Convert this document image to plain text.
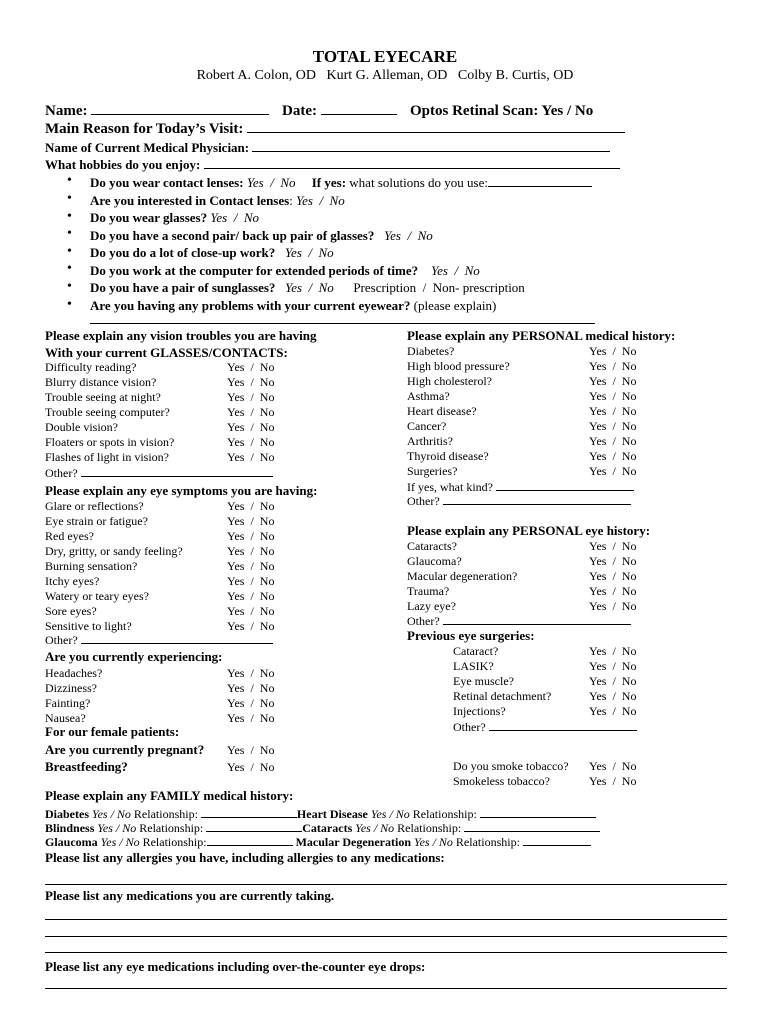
TOTAL EYECARE
Robert A. Colon, OD   Kurt G. Alleman, OD   Colby B. Curtis, OD
Name:	Date:	Optos Retinal Scan: Yes / No
Main Reason for Today’s Visit:
Name of Current Medical Physician:
What hobbies do you enjoy:
• Do you wear contact lenses: Yes  /  No If yes: what solutions do you use:
• Are you interested in Contact lenses: Yes  /  No
• Do you wear glasses? Yes  /  No
• Do you have a second pair/ back up pair of glasses? Yes  /  No
• Do you do a lot of close-up work? Yes  /  No
• Do you work at the computer for extended periods of time? Yes  /  No
• Do you have a pair of sunglasses? Yes  /  No Prescription  /  Non- prescription
• Are you having any problems with your current eyewear? (please explain)
Please explain any vision troubles you are having
With your current GLASSES/CONTACTS:
Difficulty reading?	Yes  /  No
Blurry distance vision?	Yes  /  No
Trouble seeing at night?	Yes  /  No
Trouble seeing computer?	Yes  /  No
Double vision?	Yes  /  No
Floaters or spots in vision?	Yes  /  No
Flashes of light in vision?	Yes  /  No
Other?
Please explain any eye symptoms you are having:
Glare or reflections?	Yes  /  No
Eye strain or fatigue?	Yes  /  No
Red eyes?	Yes  /  No
Dry, gritty, or sandy feeling?	Yes  /  No
Burning sensation?	Yes  /  No
Itchy eyes?	Yes  /  No
Watery or teary eyes?	Yes  /  No
Sore eyes?	Yes  /  No
Sensitive to light?	Yes  /  No
Other?
Are you currently experiencing:
Headaches?	Yes  /  No
Dizziness?	Yes  /  No
Fainting?	Yes  /  No
Nausea?	Yes  /  No
For our female patients:
Are you currently pregnant? Yes  /  No
Breastfeeding?	Yes  /  No
Please explain any PERSONAL medical history:
Diabetes?	Yes  /  No
High blood pressure?	Yes  /  No
High cholesterol?	Yes  /  No
Asthma?	Yes  /  No
Heart disease?	Yes  /  No
Cancer?	Yes  /  No
Arthritis?	Yes  /  No
Thyroid disease?	Yes  /  No
Surgeries?	Yes  /  No
If yes, what kind?
Other?
Please explain any PERSONAL eye history:
Cataracts?	Yes  /  No
Glaucoma?	Yes  /  No
Macular degeneration?	Yes  /  No
Trauma?	Yes  /  No
Lazy eye?	Yes  /  No
Other?
Previous eye surgeries:
Cataract?	Yes  /  No
LASIK?	Yes  /  No
Eye muscle?	Yes  /  No
Retinal detachment?	Yes  /  No
Injections?	Yes  /  No
Other?
Do you smoke tobacco? Yes  /  No
Smokeless tobacco?	Yes  /  No
Please explain any FAMILY medical history:
Diabetes Yes / No Relationship:	Heart Disease Yes / No Relationship:
Blindness Yes / No Relationship:	Cataracts Yes / No Relationship:
Glaucoma Yes / No Relationship:	Macular Degeneration Yes / No Relationship:
Please list any allergies you have, including allergies to any medications:
Please list any medications you are currently taking.
Please list any eye medications including over-the-counter eye drops:
